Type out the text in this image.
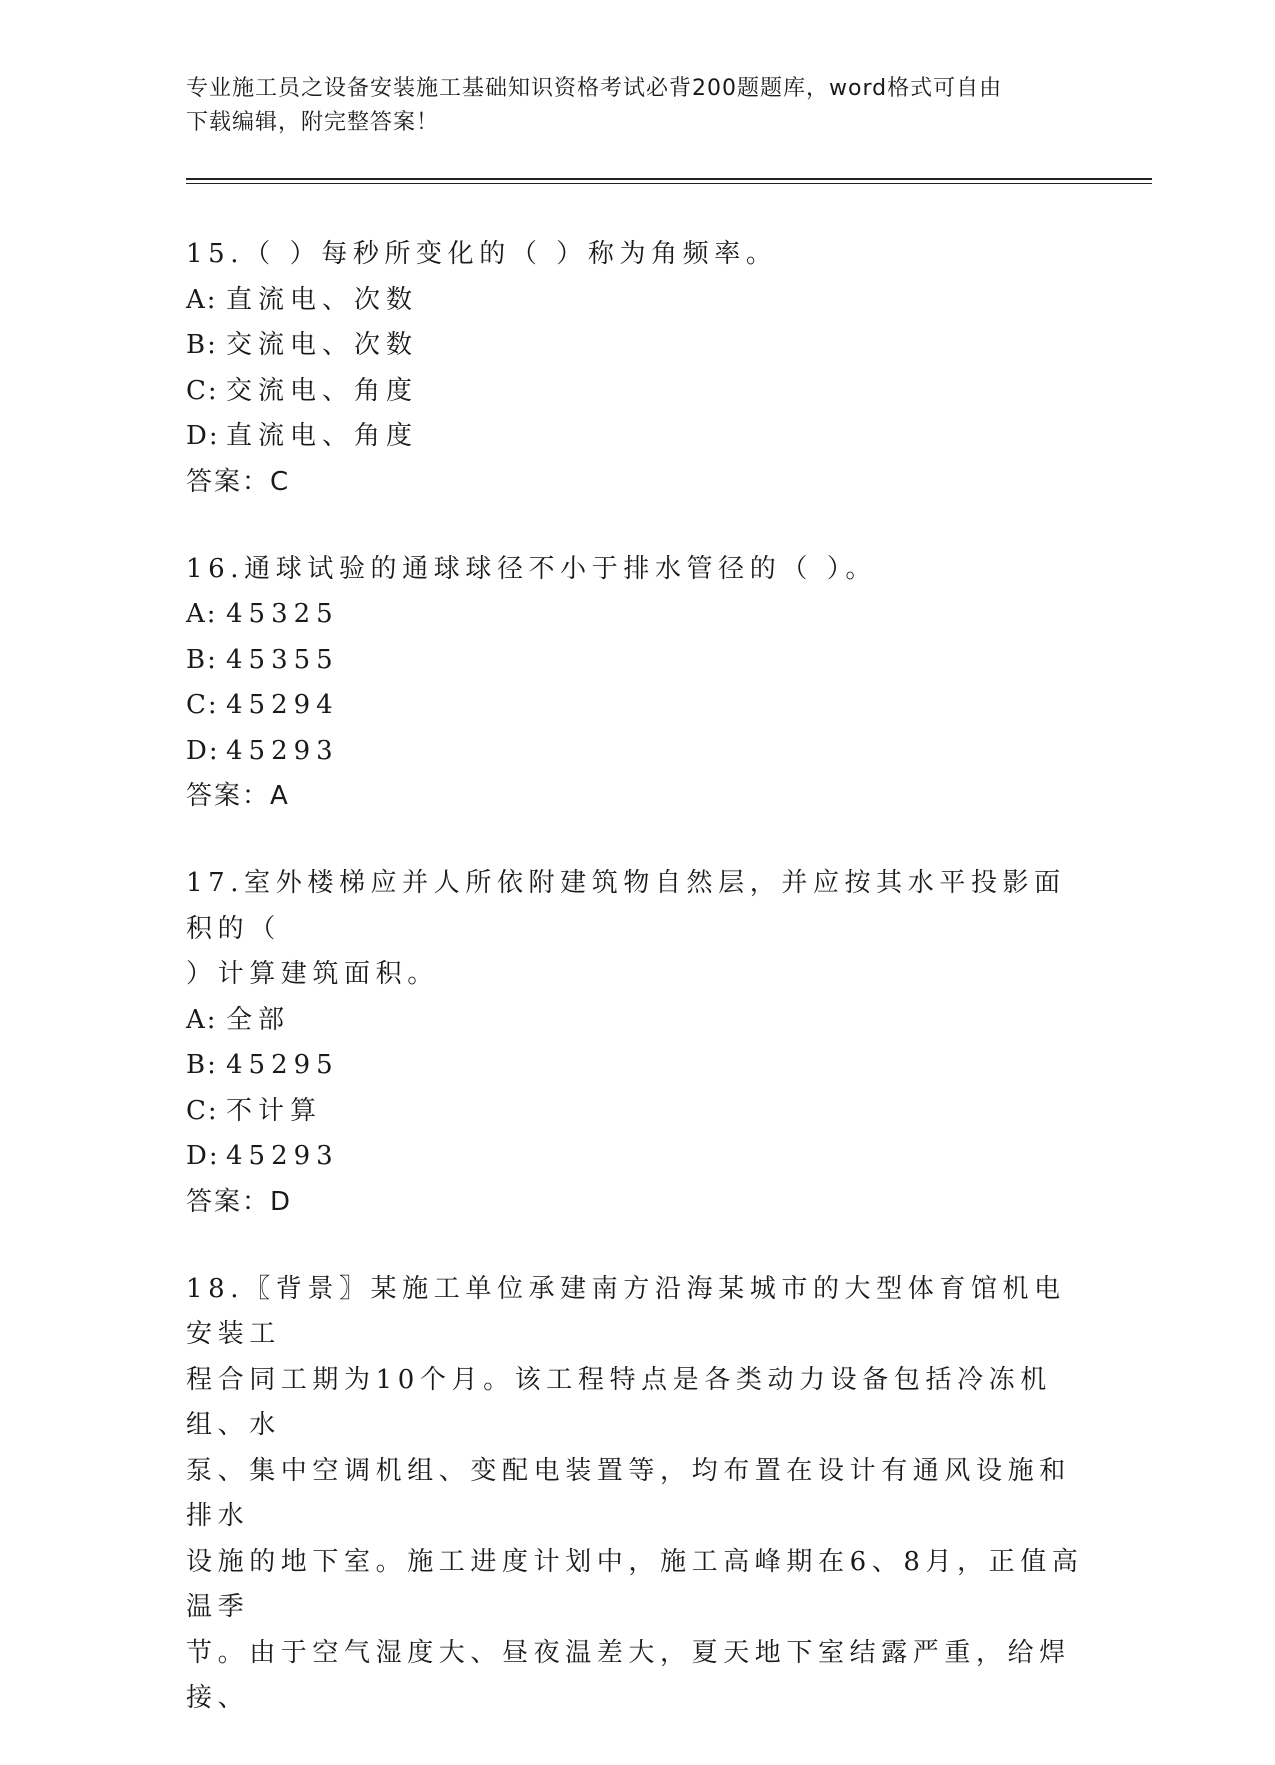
专业施工员之设备安装施工基础知识资格考试必背200题题库，word格式可自由
下载编辑，附完整答案！
15.（ ）每秒所变化的（ ）称为角频率。
A: 直流电、次数
B: 交流电、次数
C: 交流电、角度
D: 直流电、角度
答案：C
16.通球试验的通球球径不小于排水管径的（ ）。
A: 45325
B: 45355
C: 45294
D: 45293
答案：A
17.室外楼梯应并人所依附建筑物自然层，并应按其水平投影面积的（
）计算建筑面积。
A: 全部
B: 45295
C: 不计算
D: 45293
答案：D
18.〖背景〗某施工单位承建南方沿海某城市的大型体育馆机电安装工
程合同工期为10个月。该工程特点是各类动力设备包括冷冻机组、水
泵、集中空调机组、变配电装置等，均布置在设计有通风设施和排水
设施的地下室。施工进度计划中，施工高峰期在6、8月，正值高温季
节。由于空气湿度大、昼夜温差大，夏天地下室结露严重，给焊接、
